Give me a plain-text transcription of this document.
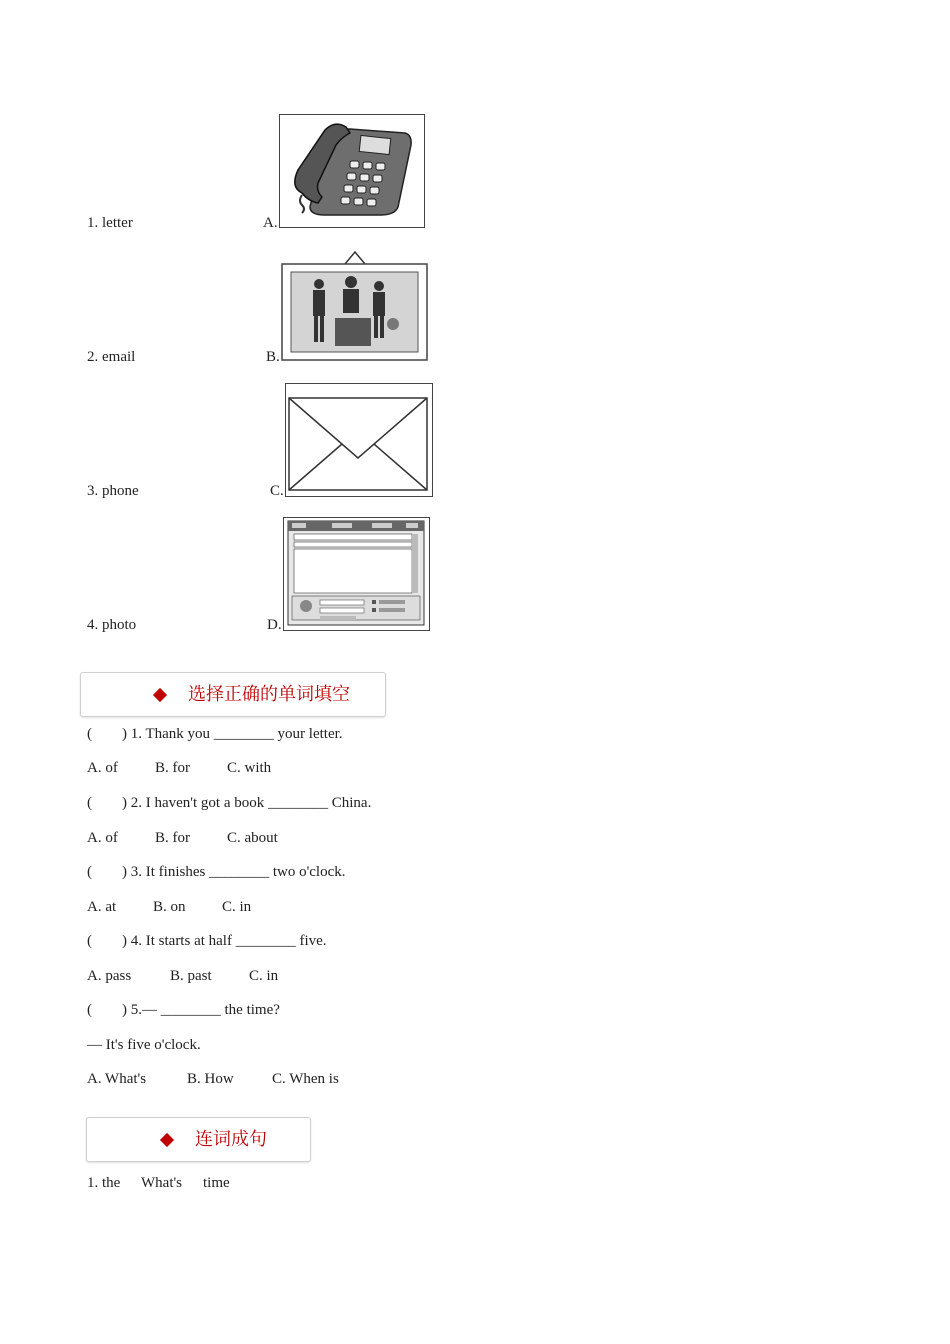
1. letter	A.
2. email	B.
3. phone	C.
4. photo	D.
选择正确的单词填空
(        ) 1. Thank you ________ your letter.
A. of B. for C. with
(        ) 2. I haven't got a book ________ China.
A. of B. for C. about
(        ) 3. It finishes ________ two o'clock.
A. at B. on C. in
(        ) 4. It starts at half ________ five.
A. pass	B. past C. in
(        ) 5.— ________ the time?
— It's five o'clock.
A. What's	B. How	C. When is
连词成句
1. the What's time
